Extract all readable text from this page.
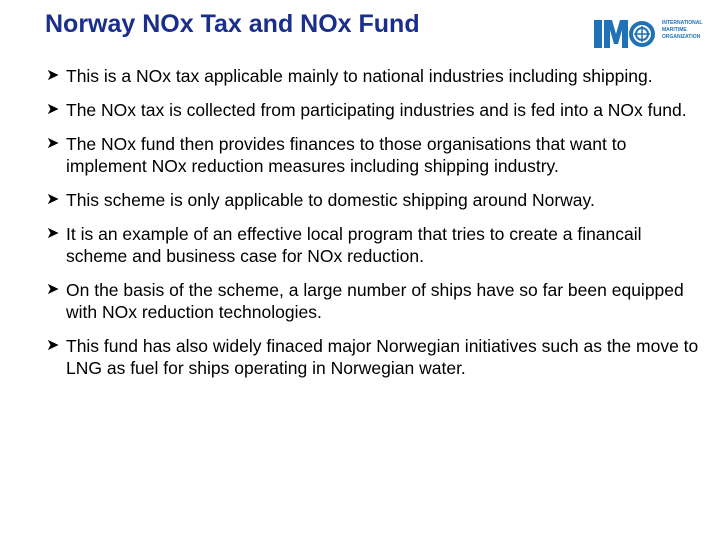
Norway NOx Tax and NOx Fund	INTERNATIONAL
MARITIME
ORGANIZATION
➤ This is a NOx tax applicable mainly to national industries including shipping.
➤ The NOx tax is collected from participating industries and is fed into a NOx fund.
➤ The NOx fund then provides finances to those organisations that want to implement NOx reduction measures including shipping industry.
➤ This scheme is only applicable to domestic shipping around Norway.
➤ It is an example of an effective local program that tries to create a financail scheme and business case for NOx reduction.
➤ On the basis of the scheme, a large number of ships have so far been equipped with NOx reduction technologies.
➤ This fund has also widely finaced major Norwegian initiatives such as the move to LNG as fuel for ships operating in Norwegian water.
